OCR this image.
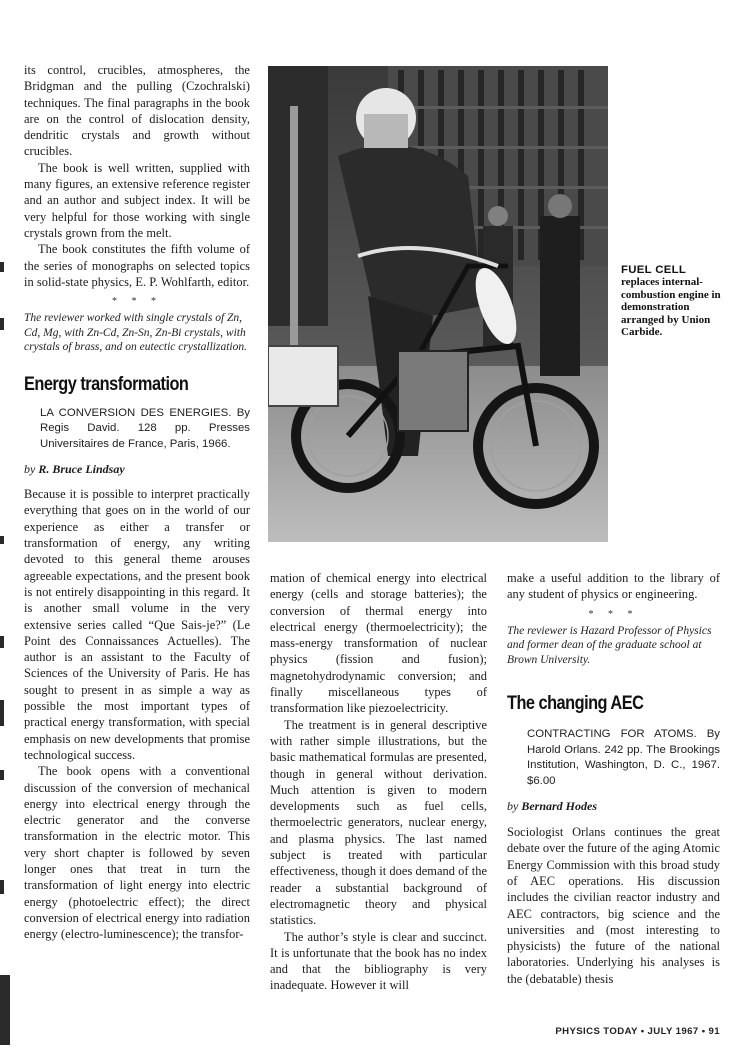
its control, crucibles, atmospheres, the Bridgman and the pulling (Czochralski) techniques. The final paragraphs in the book are on the control of dislocation density, dendritic crystals and growth without crucibles.

The book is well written, supplied with many figures, an extensive reference register and an author and subject index. It will be very helpful for those working with single crystals grown from the melt.

The book constitutes the fifth volume of the series of monographs on selected topics in solid-state physics, E. P. Wohlfarth, editor.

* * *

The reviewer worked with single crystals of Zn, Cd, Mg, with Zn-Cd, Zn-Sn, Zn-Bi crystals, with crystals of brass, and on eutectic crystallization.

Energy transformation

LA CONVERSION DES ENERGIES. By Regis David. 128 pp. Presses Universitaires de France, Paris, 1966.

by R. Bruce Lindsay

Because it is possible to interpret practically everything that goes on in the world of our experience as either a transfer or transformation of energy, any writing devoted to this general theme arouses agreeable expectations, and the present book is not entirely disappointing in this regard. It is another small volume in the very extensive series called “Que Sais-je?” (Le Point des Connaissances Actuelles). The author is an assistant to the Faculty of Sciences of the University of Paris. He has sought to present in as simple a way as possible the most important types of practical energy transformation, with special emphasis on new developments that promise technological success.

The book opens with a conventional discussion of the conversion of mechanical energy into electrical energy through the electric generator and the converse transformation in the electric motor. This very short chapter is followed by seven longer ones that treat in turn the transformation of light energy into electric energy (photoelectric effect); the direct conversion of electrical energy into radiation energy (electro-luminescence); the transfor-

FUEL CELL
replaces internal-combustion engine in demonstration arranged by Union Carbide.

mation of chemical energy into electrical energy (cells and storage batteries); the conversion of thermal energy into electrical energy (thermoelectricity); the mass-energy transformation of nuclear physics (fission and fusion); magnetohydrodynamic conversion; and finally miscellaneous types of transformation like piezoelectricity.

The treatment is in general descriptive with rather simple illustrations, but the basic mathematical formulas are presented, though in general without derivation. Much attention is given to modern developments such as fuel cells, thermoelectric generators, nuclear energy, and plasma physics. The last named subject is treated with particular effectiveness, though it does demand of the reader a substantial background of electromagnetic theory and physical statistics.

The author’s style is clear and succinct. It is unfortunate that the book has no index and that the bibliography is very inadequate. However it will

make a useful addition to the library of any student of physics or engineering.

* * *

The reviewer is Hazard Professor of Physics and former dean of the graduate school at Brown University.

The changing AEC

CONTRACTING FOR ATOMS. By Harold Orlans. 242 pp. The Brookings Institution, Washington, D. C., 1967. $6.00

by Bernard Hodes

Sociologist Orlans continues the great debate over the future of the aging Atomic Energy Commission with this broad study of AEC operations. His discussion includes the civilian reactor industry and AEC contractors, big science and the universities and (most interesting to physicists) the future of the national laboratories. Underlying his analyses is the (debatable) thesis

PHYSICS TODAY • JULY 1967 • 91
